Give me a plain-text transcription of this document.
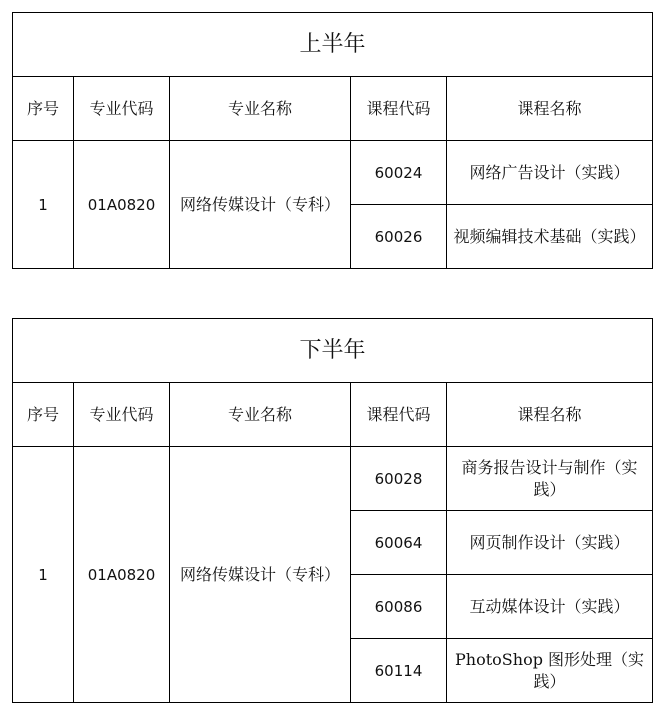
上半年				
序号	专业代码	专业名称	课程代码	课程名称
1	01A0820	网络传媒设计（专科）	60024	网络广告设计（实践）
			60026	视频编辑技术基础（实践）
下半年				
序号	专业代码	专业名称	课程代码	课程名称
1	01A0820	网络传媒设计（专科）	60028	商务报告设计与制作（实践）
			60064	网页制作设计（实践）
			60086	互动媒体设计（实践）
			60114	PhotoShop 图形处理（实践）
